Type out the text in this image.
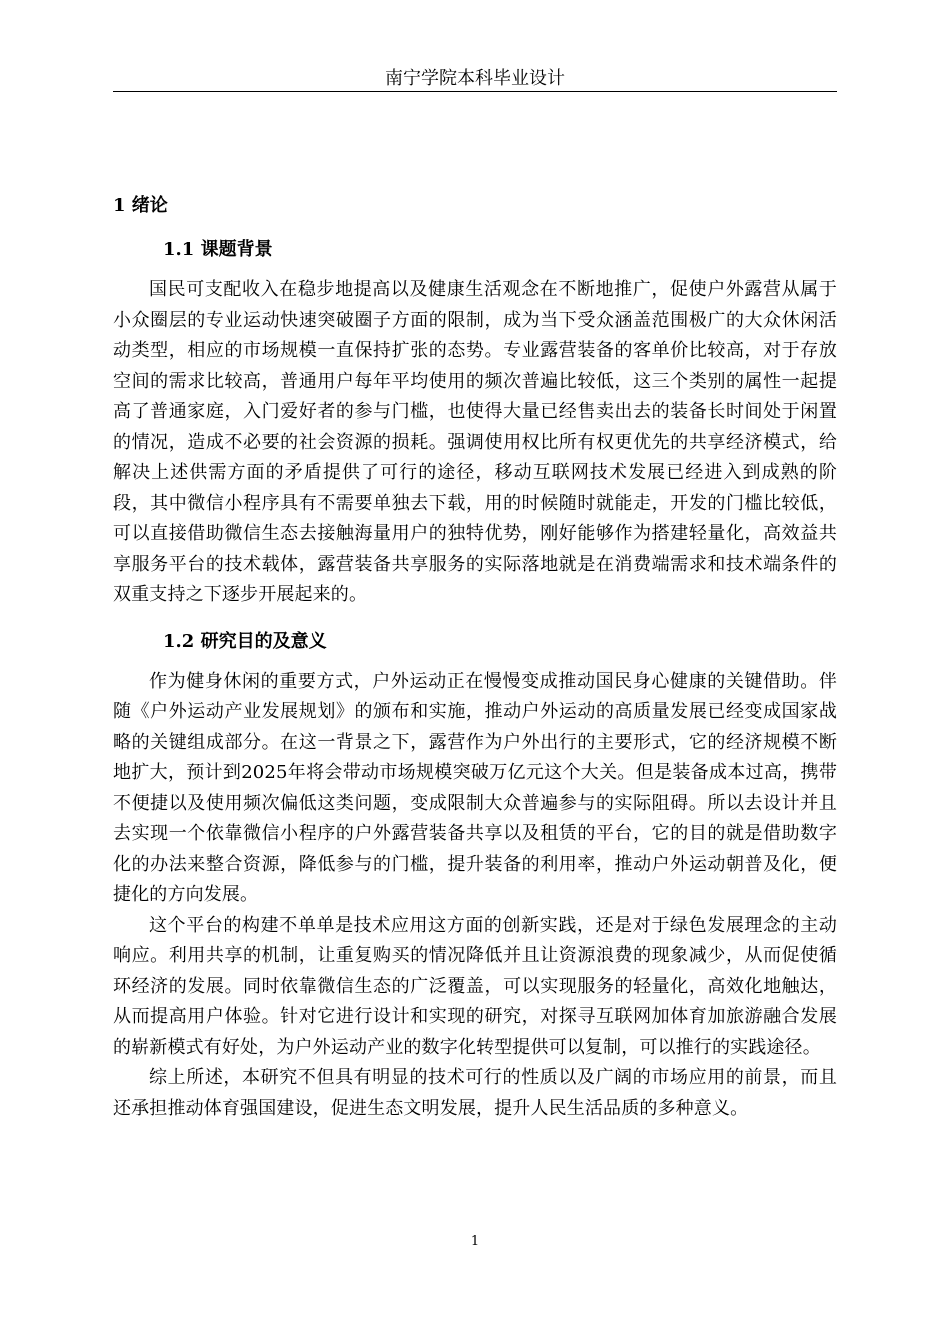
南宁学院本科毕业设计
1 绪论
1.1 课题背景

国民可支配收入在稳步地提高以及健康生活观念在不断地推广，促使户外露营从属于小众圈层的专业运动快速突破圈子方面的限制，成为当下受众涵盖范围极广的大众休闲活动类型，相应的市场规模一直保持扩张的态势。专业露营装备的客单价比较高，对于存放空间的需求比较高，普通用户每年平均使用的频次普遍比较低，这三个类别的属性一起提高了普通家庭，入门爱好者的参与门槛，也使得大量已经售卖出去的装备长时间处于闲置的情况，造成不必要的社会资源的损耗。强调使用权比所有权更优先的共享经济模式，给解决上述供需方面的矛盾提供了可行的途径，移动互联网技术发展已经进入到成熟的阶段，其中微信小程序具有不需要单独去下载，用的时候随时就能走，开发的门槛比较低，可以直接借助微信生态去接触海量用户的独特优势，刚好能够作为搭建轻量化，高效益共享服务平台的技术载体，露营装备共享服务的实际落地就是在消费端需求和技术端条件的双重支持之下逐步开展起来的。

1.2 研究目的及意义

作为健身休闲的重要方式，户外运动正在慢慢变成推动国民身心健康的关键借助。伴随《户外运动产业发展规划》的颁布和实施，推动户外运动的高质量发展已经变成国家战略的关键组成部分。在这一背景之下，露营作为户外出行的主要形式，它的经济规模不断地扩大，预计到2025年将会带动市场规模突破万亿元这个大关。但是装备成本过高，携带不便捷以及使用频次偏低这类问题，变成限制大众普遍参与的实际阻碍。所以去设计并且去实现一个依靠微信小程序的户外露营装备共享以及租赁的平台，它的目的就是借助数字化的办法来整合资源，降低参与的门槛，提升装备的利用率，推动户外运动朝普及化，便捷化的方向发展。

这个平台的构建不单单是技术应用这方面的创新实践，还是对于绿色发展理念的主动响应。利用共享的机制，让重复购买的情况降低并且让资源浪费的现象减少，从而促使循环经济的发展。同时依靠微信生态的广泛覆盖，可以实现服务的轻量化，高效化地触达，从而提高用户体验。针对它进行设计和实现的研究，对探寻互联网加体育加旅游融合发展的崭新模式有好处，为户外运动产业的数字化转型提供可以复制，可以推行的实践途径。

综上所述，本研究不但具有明显的技术可行的性质以及广阔的市场应用的前景，而且还承担推动体育强国建设，促进生态文明发展，提升人民生活品质的多种意义。

1
